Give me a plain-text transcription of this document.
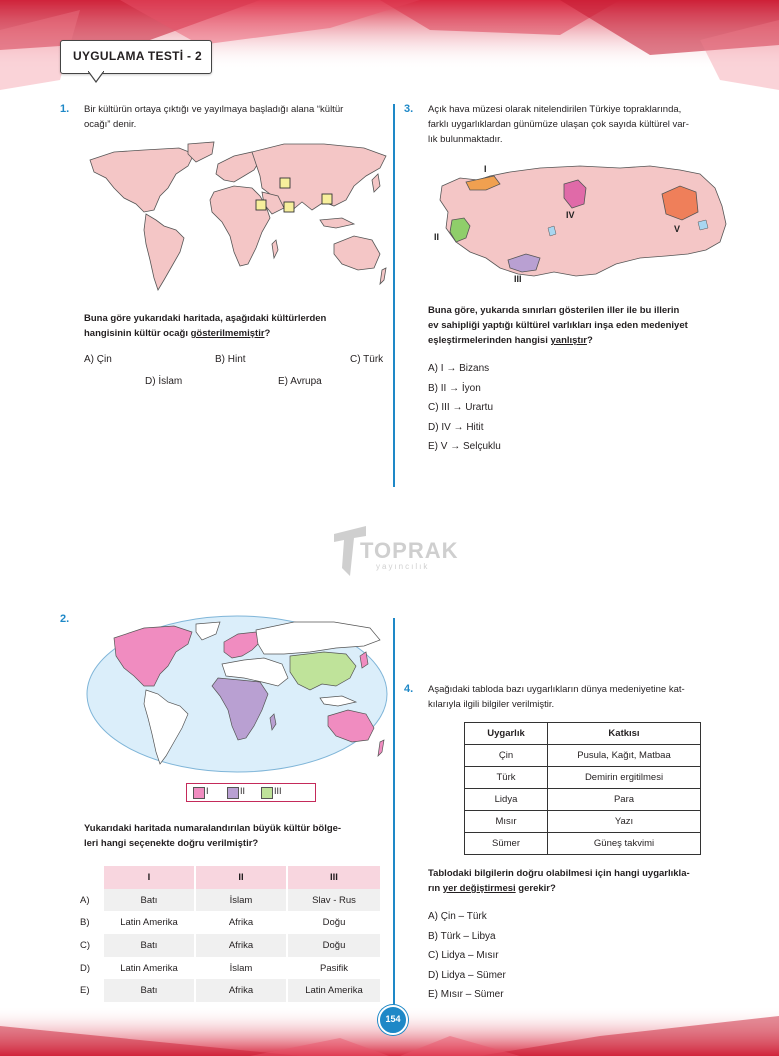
UYGULAMA TESTİ - 2
1. Bir kültürün ortaya çıktığı ve yayılmaya başladığı alana “kültür
ocağı” denir.
Buna göre yukarıdaki haritada, aşağıdaki kültürlerden
hangisinin kültür ocağı gösterilmemiştir?
A) Çin	B) Hint	C) Türk
D) İslam	E) Avrupa
3. Açık hava müzesi olarak nitelendirilen Türkiye topraklarında,
farklı uygarlıklardan günümüze ulaşan çok sayıda kültürel var-
lık bulunmaktadır.
I
II
III
IV
V
Buna göre, yukarıda sınırları gösterilen iller ile bu illerin
ev sahipliği yaptığı kültürel varlıkları inşa eden medeniyet
eşleştirmelerinden hangisi yanlıştır?
A) I → Bizans
B) II → İyon
C) III → Urartu
D) IV → Hitit
E) V → Selçuklu
TOPRAK
yayıncılık
2.
I	II	III
Yukarıdaki haritada numaralandırılan büyük kültür bölge-
leri hangi seçenekte doğru verilmiştir?
	I		II		III
A)	Batı		İslam		Slav - Rus
B)	Latin Amerika		Afrika		Doğu
C)	Batı		Afrika		Doğu
D)	Latin Amerika		İslam		Pasifik
E)	Batı		Afrika		Latin Amerika
4. Aşağıdaki tabloda bazı uygarlıkların dünya medeniyetine kat-
kılarıyla ilgili bilgiler verilmiştir.
Uygarlık	Katkısı
Çin	Pusula, Kağıt, Matbaa
Türk	Demirin ergitilmesi
Lidya	Para
Mısır	Yazı
Sümer	Güneş takvimi
Tablodaki bilgilerin doğru olabilmesi için hangi uygarlıkla-
rın yer değiştirmesi gerekir?
A) Çin – Türk
B) Türk – Libya
C) Lidya – Mısır
D) Lidya – Sümer
E) Mısır – Sümer
154
